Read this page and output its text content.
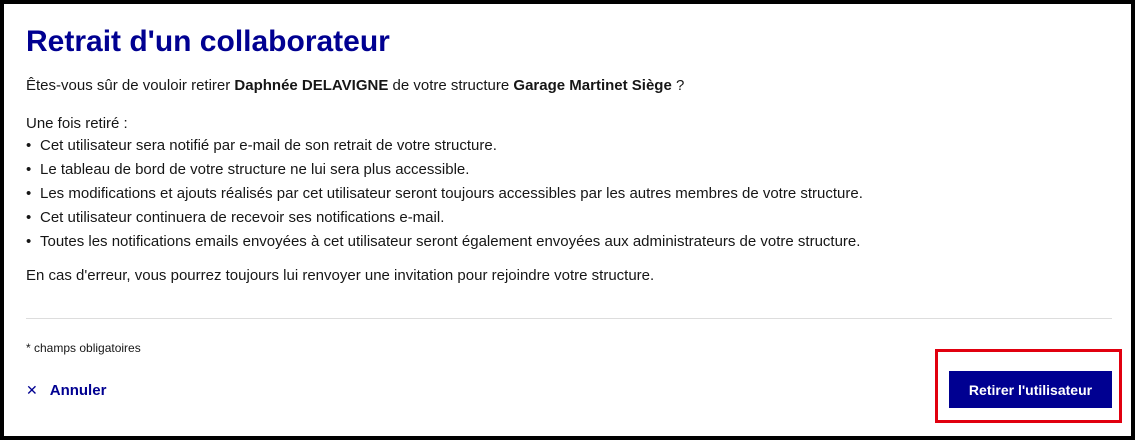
Retrait d'un collaborateur

Êtes-vous sûr de vouloir retirer Daphnée DELAVIGNE de votre structure Garage Martinet Siège ?

Une fois retiré :

• Cet utilisateur sera notifié par e-mail de son retrait de votre structure.
• Le tableau de bord de votre structure ne lui sera plus accessible.
• Les modifications et ajouts réalisés par cet utilisateur seront toujours accessibles par les autres membres de votre structure.
• Cet utilisateur continuera de recevoir ses notifications e-mail.
• Toutes les notifications emails envoyées à cet utilisateur seront également envoyées aux administrateurs de votre structure.

En cas d'erreur, vous pourrez toujours lui renvoyer une invitation pour rejoindre votre structure.

* champs obligatoires
✕ Annuler	Retirer l'utilisateur
